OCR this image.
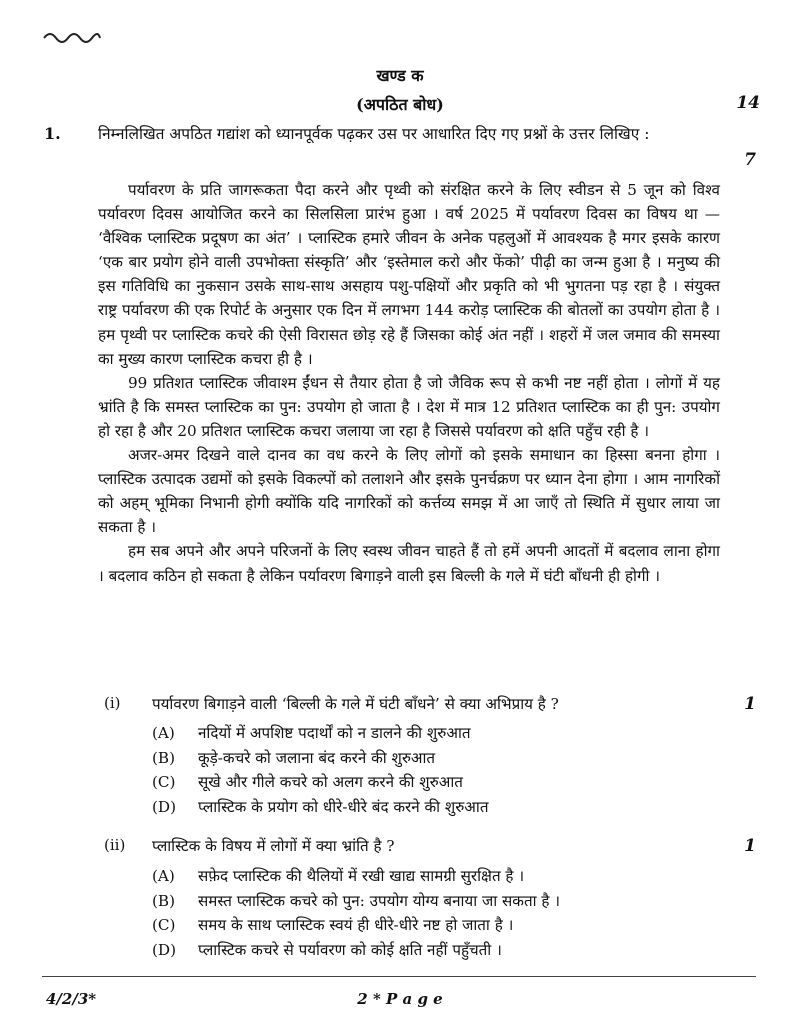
खण्ड क
(अपठित बोध)	14
1. निम्नलिखित अपठित गद्यांश को ध्यानपूर्वक पढ़कर उस पर आधारित दिए गए प्रश्नों के उत्तर लिखिए :
7

पर्यावरण के प्रति जागरूकता पैदा करने और पृथ्वी को संरक्षित करने के लिए स्वीडन से 5 जून को विश्व पर्यावरण दिवस आयोजित करने का सिलसिला प्रारंभ हुआ । वर्ष 2025 में पर्यावरण दिवस का विषय था — ‘वैश्विक प्लास्टिक प्रदूषण का अंत’ । प्लास्टिक हमारे जीवन के अनेक पहलुओं में आवश्यक है मगर इसके कारण ‘एक बार प्रयोग होने वाली उपभोक्ता संस्कृति’ और ‘इस्तेमाल करो और फेंको’ पीढ़ी का जन्म हुआ है । मनुष्य की इस गतिविधि का नुकसान उसके साथ-साथ असहाय पशु-पक्षियों और प्रकृति को भी भुगतना पड़ रहा है । संयुक्त राष्ट्र पर्यावरण की एक रिपोर्ट के अनुसार एक दिन में लगभग 144 करोड़ प्लास्टिक की बोतलों का उपयोग होता है । हम पृथ्वी पर प्लास्टिक कचरे की ऐसी विरासत छोड़ रहे हैं जिसका कोई अंत नहीं । शहरों में जल जमाव की समस्या का मुख्य कारण प्लास्टिक कचरा ही है ।

99 प्रतिशत प्लास्टिक जीवाश्म ईंधन से तैयार होता है जो जैविक रूप से कभी नष्ट नहीं होता । लोगों में यह भ्रांति है कि समस्त प्लास्टिक का पुन: उपयोग हो जाता है । देश में मात्र 12 प्रतिशत प्लास्टिक का ही पुन: उपयोग हो रहा है और 20 प्रतिशत प्लास्टिक कचरा जलाया जा रहा है जिससे पर्यावरण को क्षति पहुँच रही है ।

अजर-अमर दिखने वाले दानव का वध करने के लिए लोगों को इसके समाधान का हिस्सा बनना होगा । प्लास्टिक उत्पादक उद्यमों को इसके विकल्पों को तलाशने और इसके पुनर्चक्रण पर ध्यान देना होगा । आम नागरिकों को अहम् भूमिका निभानी होगी क्योंकि यदि नागरिकों को कर्त्तव्य समझ में आ जाएँ तो स्थिति में सुधार लाया जा सकता है ।

हम सब अपने और अपने परिजनों के लिए स्वस्थ जीवन चाहते हैं तो हमें अपनी आदतों में बदलाव लाना होगा । बदलाव कठिन हो सकता है लेकिन पर्यावरण बिगाड़ने वाली इस बिल्ली के गले में घंटी बाँधनी ही होगी ।

(i) पर्यावरण बिगाड़ने वाली ‘बिल्ली के गले में घंटी बाँधने’ से क्या अभिप्राय है ?	1
(A)	नदियों में अपशिष्ट पदार्थों को न डालने की शुरुआत
(B)	कूड़े-कचरे को जलाना बंद करने की शुरुआत
(C)	सूखे और गीले कचरे को अलग करने की शुरुआत
(D)	प्लास्टिक के प्रयोग को धीरे-धीरे बंद करने की शुरुआत
(ii) प्लास्टिक के विषय में लोगों में क्या भ्रांति है ?	1
(A)	सफ़ेद प्लास्टिक की थैलियों में रखी खाद्य सामग्री सुरक्षित है ।
(B)	समस्त प्लास्टिक कचरे को पुन: उपयोग योग्य बनाया जा सकता है ।
(C)	समय के साथ प्लास्टिक स्वयं ही धीरे-धीरे नष्ट हो जाता है ।
(D)	प्लास्टिक कचरे से पर्यावरण को कोई क्षति नहीं पहुँचती ।
4/2/3*	2 * P a g e
